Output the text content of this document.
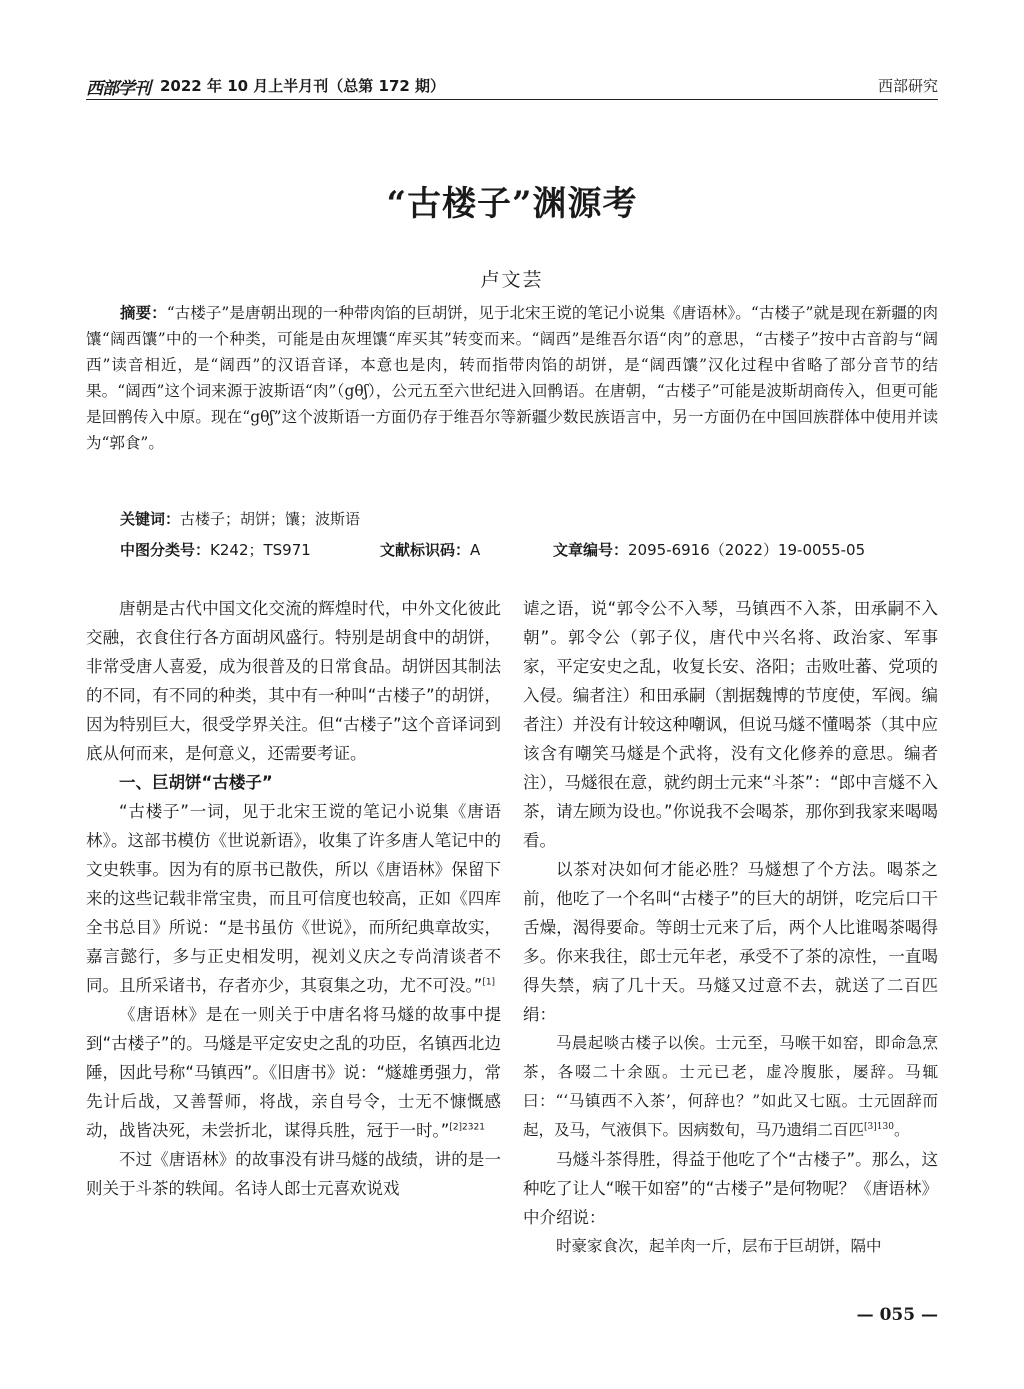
西部学刊 2022 年 10 月上半月刊（总第 172 期）	西部研究
“古楼子”渊源考
卢文芸
摘要：“古楼子”是唐朝出现的一种带肉馅的巨胡饼，见于北宋王谠的笔记小说集《唐语林》。“古楼子”就是现在新疆的肉馕“阔西馕”中的一个种类，可能是由灰埋馕“库买其”转变而来。“阔西”是维吾尔语“肉”的意思，“古楼子”按中古音韵与“阔西”读音相近，是“阔西”的汉语音译，本意也是肉，转而指带肉馅的胡饼，是“阔西馕”汉化过程中省略了部分音节的结果。“阔西”这个词来源于波斯语“肉”（gθʃ），公元五至六世纪进入回鹘语。在唐朝，“古楼子”可能是波斯胡商传入，但更可能是回鹘传入中原。现在“gθʃ”这个波斯语一方面仍存于维吾尔等新疆少数民族语言中，另一方面仍在中国回族群体中使用并读为“郭食”。
关键词：古楼子；胡饼；馕；波斯语
中图分类号：K242；TS971	文献标识码：A	文章编号：2095-6916（2022）19-0055-05

唐朝是古代中国文化交流的辉煌时代，中外文化彼此交融，衣食住行各方面胡风盛行。特别是胡食中的胡饼，非常受唐人喜爱，成为很普及的日常食品。胡饼因其制法的不同，有不同的种类，其中有一种叫“古楼子”的胡饼，因为特别巨大，很受学界关注。但“古楼子”这个音译词到底从何而来，是何意义，还需要考证。

一、巨胡饼“古楼子”

“古楼子”一词，见于北宋王谠的笔记小说集《唐语林》。这部书模仿《世说新语》，收集了许多唐人笔记中的文史轶事。因为有的原书已散佚，所以《唐语林》保留下来的这些记载非常宝贵，而且可信度也较高，正如《四库全书总目》所说：“是书虽仿《世说》，而所纪典章故实，嘉言懿行，多与正史相发明，视刘义庆之专尚清谈者不同。且所采诸书，存者亦少，其裒集之功，尤不可没。”[1]

《唐语林》是在一则关于中唐名将马燧的故事中提到“古楼子”的。马燧是平定安史之乱的功臣，名镇西北边陲，因此号称“马镇西”。《旧唐书》说：“燧雄勇强力，常先计后战，又善誓师，将战，亲自号令，士无不慷慨感动，战皆决死，未尝折北，谋得兵胜，冠于一时。”$^{[2]2321}$

不过《唐语林》的故事没有讲马燧的战绩，讲的是一则关于斗茶的轶闻。名诗人郎士元喜欢说戏

谑之语，说“郭令公不入琴，马镇西不入茶，田承嗣不入朝”。郭令公（郭子仪，唐代中兴名将、政治家、军事家，平定安史之乱，收复长安、洛阳；击败吐蕃、党项的入侵。编者注）和田承嗣（割据魏博的节度使，军阀。编者注）并没有计较这种嘲讽，但说马燧不懂喝茶（其中应该含有嘲笑马燧是个武将，没有文化修养的意思。编者注），马燧很在意，就约朗士元来“斗茶”：“郎中言燧不入茶，请左顾为设也。”你说我不会喝茶，那你到我家来喝喝看。

以茶对决如何才能必胜？马燧想了个方法。喝茶之前，他吃了一个名叫“古楼子”的巨大的胡饼，吃完后口干舌燥，渴得要命。等朗士元来了后，两个人比谁喝茶喝得多。你来我往，郎士元年老，承受不了茶的凉性，一直喝得失禁，病了几十天。马燧又过意不去，就送了二百匹绢：

马晨起啖古楼子以俟。士元至，马喉干如窑，即命急烹茶，各啜二十余瓯。士元已老，虚冷腹胀，屡辞。马辄曰：“‘马镇西不入茶’，何辞也？”如此又七瓯。士元固辞而起，及马，气液俱下。因病数旬，马乃遗绢二百匹$^{[3]130}$。

马燧斗茶得胜，得益于他吃了个“古楼子”。那么，这种吃了让人“喉干如窑”的“古楼子”是何物呢？《唐语林》中介绍说：

时豪家食次，起羊肉一斤，层布于巨胡饼，隔中

— 055 —
